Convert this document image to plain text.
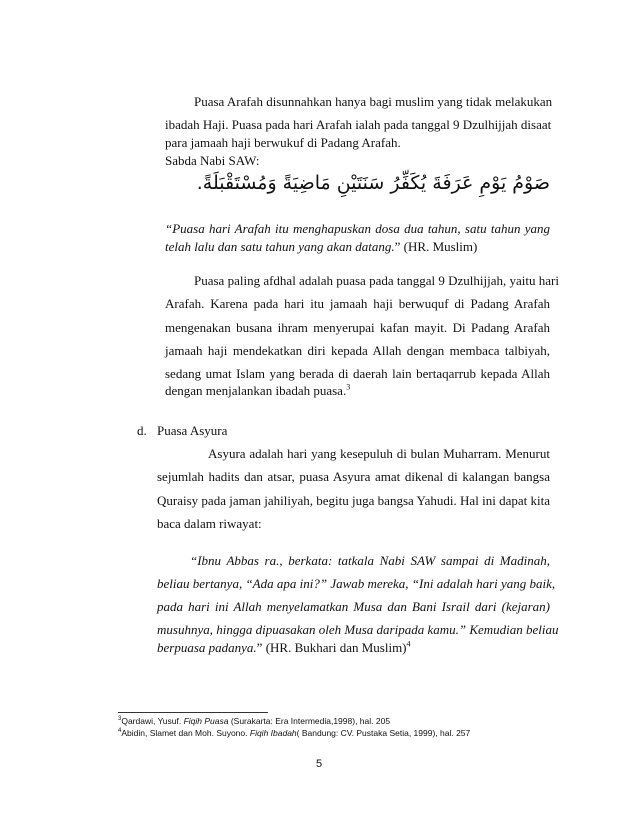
Puasa Arafah disunnahkan hanya bagi muslim yang tidak melakukan
ibadah Haji. Puasa pada hari Arafah ialah pada tanggal 9 Dzulhijjah disaat
para jamaah haji berwukuf di Padang Arafah.
Sabda Nabi SAW:
صَوْمُ يَوْمِ عَرَفَةَ يُكَفِّرُ سَنَتَيْنِ مَاضِيَةً وَمُسْتَقْبَلَةً.
“Puasa hari Arafah itu menghapuskan dosa dua tahun, satu tahun yang
telah lalu dan satu tahun yang akan datang.” (HR. Muslim)
Puasa paling afdhal adalah puasa pada tanggal 9 Dzulhijjah, yaitu hari
Arafah. Karena pada hari itu jamaah haji berwuquf di Padang Arafah
mengenakan busana ihram menyerupai kafan mayit. Di Padang Arafah
jamaah haji mendekatkan diri kepada Allah dengan membaca talbiyah,
sedang umat Islam yang berada di daerah lain bertaqarrub kepada Allah
dengan menjalankan ibadah puasa.$^3$
d. Puasa Asyura
Asyura adalah hari yang kesepuluh di bulan Muharram. Menurut
sejumlah hadits dan atsar, puasa Asyura amat dikenal di kalangan bangsa
Quraisy pada jaman jahiliyah, begitu juga bangsa Yahudi. Hal ini dapat kita
baca dalam riwayat:
“Ibnu Abbas ra., berkata: tatkala Nabi SAW sampai di Madinah,
beliau bertanya, “Ada apa ini?” Jawab mereka, “Ini adalah hari yang baik,
pada hari ini Allah menyelamatkan Musa dan Bani Israil dari (kejaran)
musuhnya, hingga dipuasakan oleh Musa daripada kamu.” Kemudian beliau
berpuasa padanya.” (HR. Bukhari dan Muslim)$^4$
$^3$Qardawi, Yusuf. Fiqih Puasa (Surakarta: Era Intermedia,1998), hal. 205
$^4$Abidin, Slamet dan Moh. Suyono. Fiqih Ibadah( Bandung: CV. Pustaka Setia, 1999), hal. 257
5
